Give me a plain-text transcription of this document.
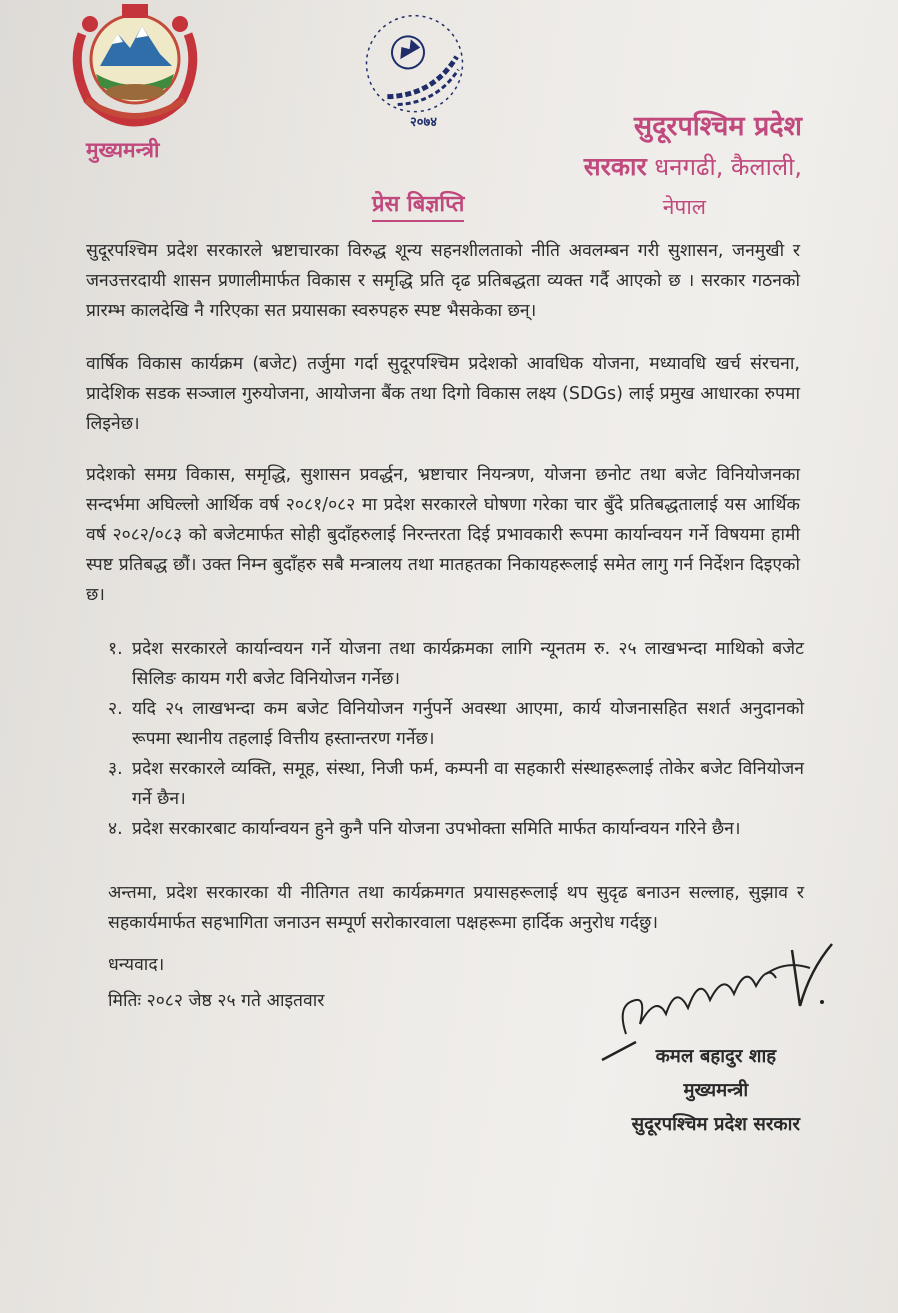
मुख्यमन्त्री
२०७४	सुदूरपश्चिम प्रदेश
सरकार धनगढी, कैलाली,
नेपाल
प्रेस बिज्ञप्ति
सुदूरपश्चिम प्रदेश सरकारले भ्रष्टाचारका विरुद्ध शून्य सहनशीलताको नीति अवलम्बन गरी सुशासन, जनमुखी र जनउत्तरदायी शासन प्रणालीमार्फत विकास र समृद्धि प्रति दृढ प्रतिबद्धता व्यक्त गर्दै आएको छ । सरकार गठनको प्रारम्भ कालदेखि नै गरिएका सत प्रयासका स्वरुपहरु स्पष्ट भैसकेका छन्।
वार्षिक विकास कार्यक्रम (बजेट) तर्जुमा गर्दा सुदूरपश्चिम प्रदेशको आवधिक योजना, मध्यावधि खर्च संरचना, प्रादेशिक सडक सञ्जाल गुरुयोजना, आयोजना बैंक तथा दिगो विकास लक्ष्य (SDGs) लाई प्रमुख आधारका रुपमा लिइनेछ।
प्रदेशको समग्र विकास, समृद्धि, सुशासन प्रवर्द्धन, भ्रष्टाचार नियन्त्रण, योजना छनोट तथा बजेट विनियोजनका सन्दर्भमा अघिल्लो आर्थिक वर्ष २०८१/०८२ मा प्रदेश सरकारले घोषणा गरेका चार बुँदे प्रतिबद्धतालाई यस आर्थिक वर्ष २०८२/०८३ को बजेटमार्फत सोही बुदाँहरुलाई निरन्तरता दिई प्रभावकारी रूपमा कार्यान्वयन गर्ने विषयमा हामी स्पष्ट प्रतिबद्ध छौं। उक्त निम्न बुदाँहरु सबै मन्त्रालय तथा मातहतका निकायहरूलाई समेत लागु गर्न निर्देशन दिइएको छ।
१. प्रदेश सरकारले कार्यान्वयन गर्ने योजना तथा कार्यक्रमका लागि न्यूनतम रु. २५ लाखभन्दा माथिको बजेट सिलिङ कायम गरी बजेट विनियोजन गर्नेछ।
२. यदि २५ लाखभन्दा कम बजेट विनियोजन गर्नुपर्ने अवस्था आएमा, कार्य योजनासहित सशर्त अनुदानको रूपमा स्थानीय तहलाई वित्तीय हस्तान्तरण गर्नेछ।
३. प्रदेश सरकारले व्यक्ति, समूह, संस्था, निजी फर्म, कम्पनी वा सहकारी संस्थाहरूलाई तोकेर बजेट विनियोजन गर्ने छैन।
४. प्रदेश सरकारबाट कार्यान्वयन हुने कुनै पनि योजना उपभोक्ता समिति मार्फत कार्यान्वयन गरिने छैन।
अन्तमा, प्रदेश सरकारका यी नीतिगत तथा कार्यक्रमगत प्रयासहरूलाई थप सुदृढ बनाउन सल्लाह, सुझाव र सहकार्यमार्फत सहभागिता जनाउन सम्पूर्ण सरोकारवाला पक्षहरूमा हार्दिक अनुरोध गर्दछु।
धन्यवाद।
मितिः २०८२ जेष्ठ २५ गते आइतवार
कमल बहादुर शाह
मुख्यमन्त्री
सुदूरपश्चिम प्रदेश सरकार
